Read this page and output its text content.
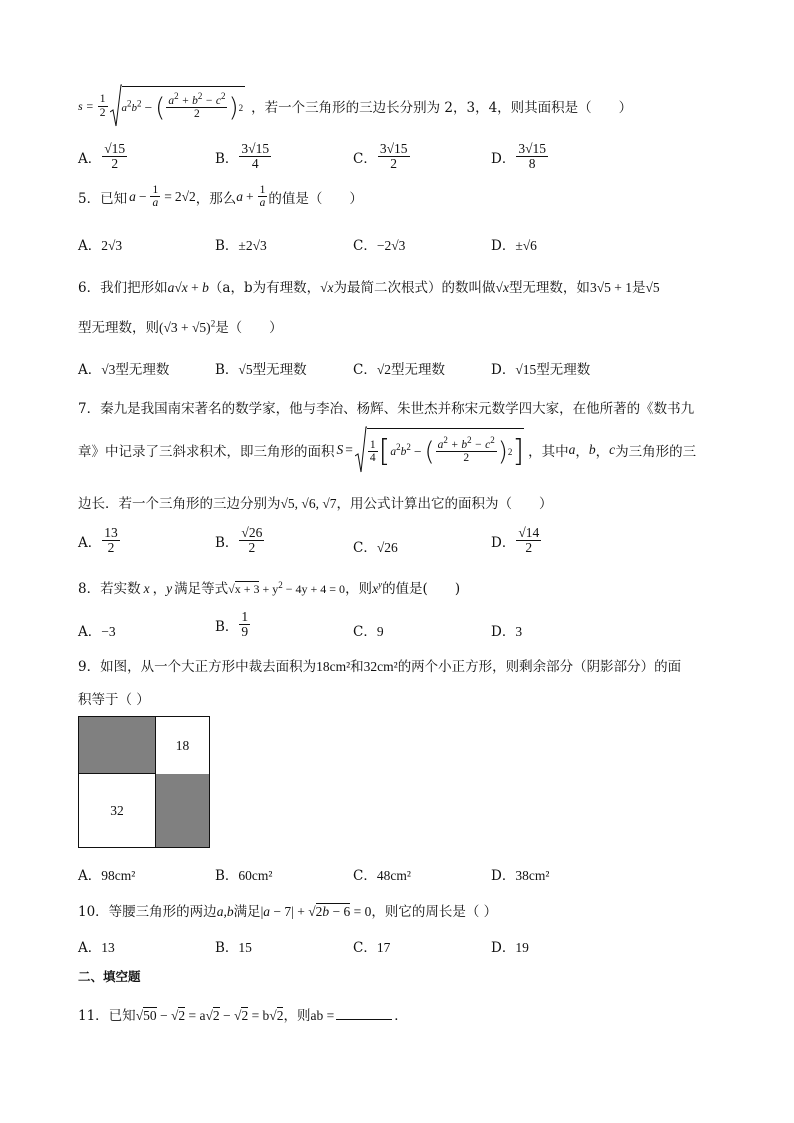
$s = \frac{1}{2} a^2b^2$ − ( $\frac{a^2 + b^2 - c^2}{2}$ ) 2 ，若一个三角形的三边长分别为 2，3，4，则其面积是（　　）
A． $\frac{√15}{2}$	B． $\frac{3√15}{4}$	C． $\frac{3√15}{2}$	D． $\frac{3√15}{8}$
5．已知 $a - \frac{1}{a} = 2√2$ ，那么 $a + \frac{1}{a}$ 的值是（　　）
A．2√3	B．±2√3	C．−2√3	D．±√6
6．我们把形如a√x + b（a，b为有理数，√x为最简二次根式）的数叫做√x型无理数，如3√5 + 1是√5
型无理数，则$(√3 + √5)^2$是（　　）
A．√3型无理数	B．√5型无理数	C．√2型无理数	D．√15型无理数
7．秦九是我国南宋著名的数学家，他与李冶、杨辉、朱世杰并称宋元数学四大家，在他所著的《数书九
章》中记录了三斜求积术，即三角形的面积 $S = \frac{1}{4}$ [ $a^2b^2$ − ( $\frac{a^2 + b^2 - c^2}{2}$ ) 2 ] ，其中 a ， b ， c 为三角形的三
边长．若一个三角形的三边分别为√5, √6, √7，用公式计算出它的面积为（　　）
A． $\frac{13}{2}$	B． $\frac{√26}{2}$	C．√26	D． $\frac{√14}{2}$
8．若实数 x ，y 满足等式$√x + 3 + y^2 - 4y + 4 = 0$，则$x^y$的值是(　　)
A．−3	B． $\frac{1}{9}$	C．9	D．3
9．如图，从一个大正方形中裁去面积为18cm²和32cm²的两个小正方形，则剩余部分（阴影部分）的面
积等于（ ）
18
32
A．98cm²	B．60cm²	C．48cm²	D．38cm²
10．等腰三角形的两边a,b满足|a − 7| + √2b − 6 = 0，则它的周长是（ ）
A．13	B．15	C．17	D．19
二、填空题
11．已知√50 − √2 = a√2 − √2 = b√2，则ab =	．
